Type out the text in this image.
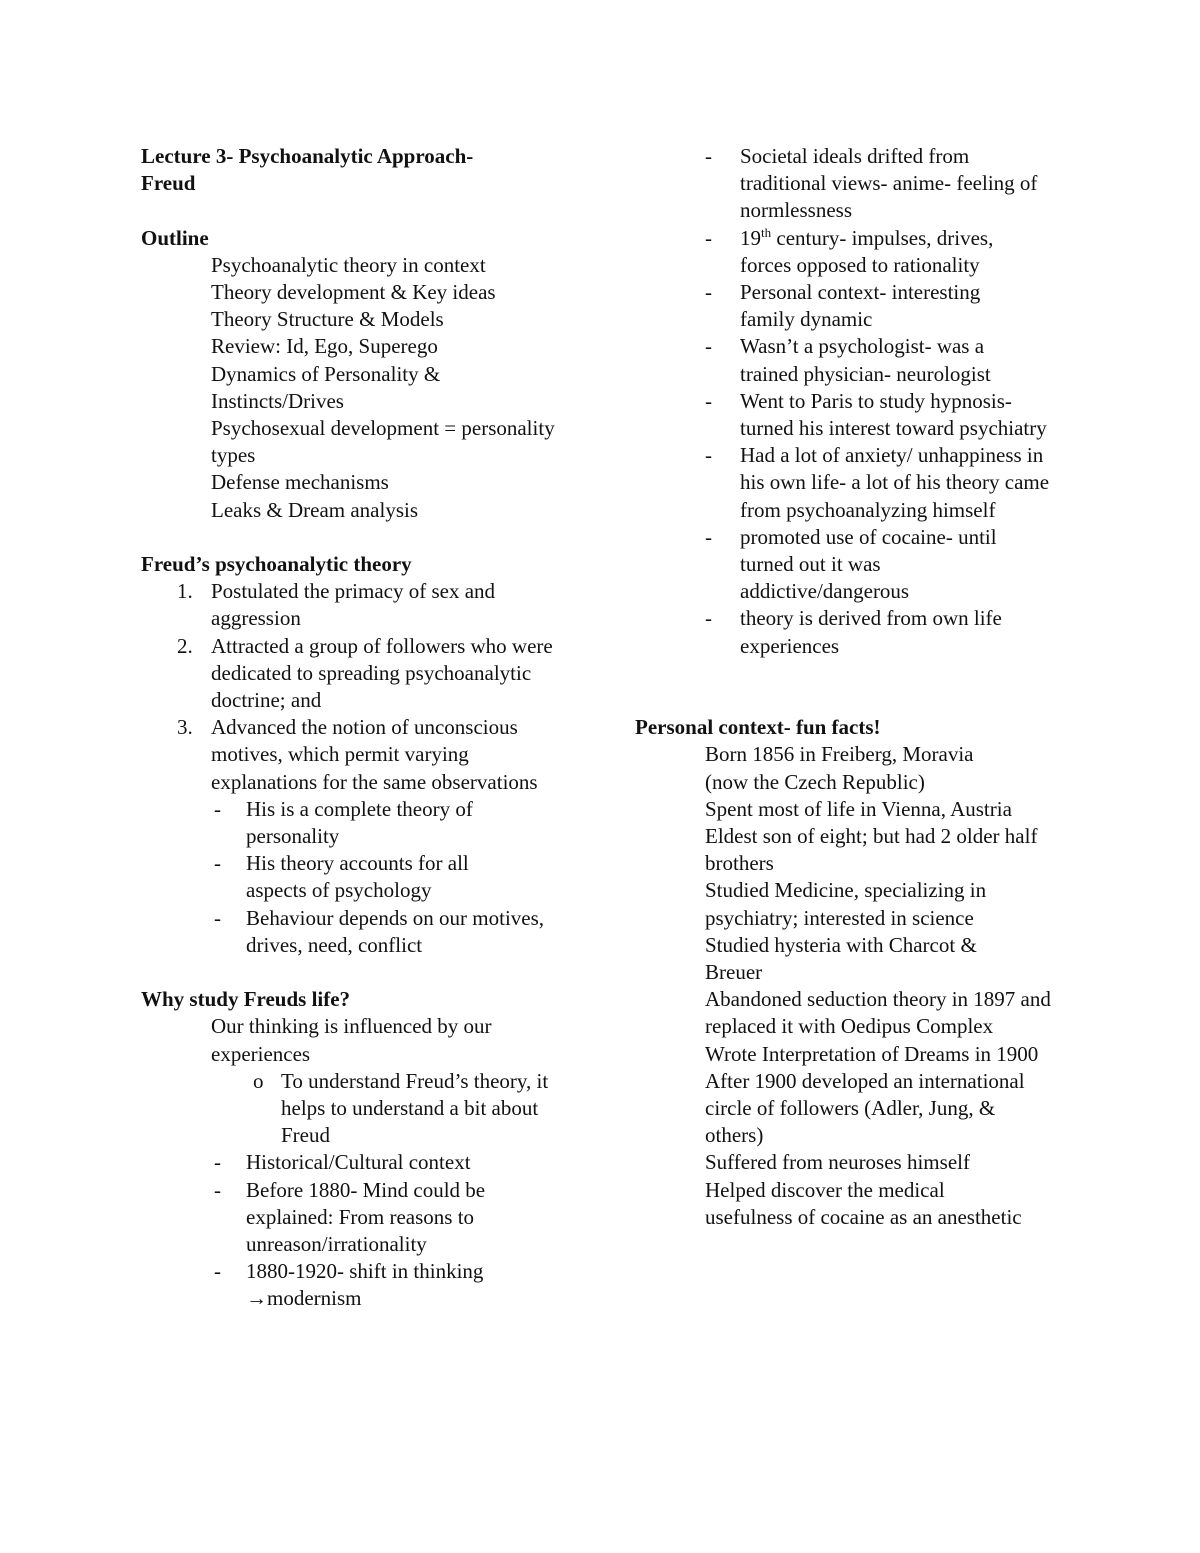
Lecture 3- Psychoanalytic Approach- Freud
Outline
Psychoanalytic theory in context
Theory development & Key ideas
Theory Structure & Models
Review: Id, Ego, Superego
Dynamics of Personality & Instincts/Drives
Psychosexual development = personality types
Defense mechanisms
Leaks & Dream analysis
Freud’s psychoanalytic theory
1. Postulated the primacy of sex and aggression
2. Attracted a group of followers who were dedicated to spreading psychoanalytic doctrine; and
3. Advanced the notion of unconscious motives, which permit varying explanations for the same observations
- His is a complete theory of personality
- His theory accounts for all aspects of psychology
- Behaviour depends on our motives, drives, need, conflict
Why study Freuds life?
Our thinking is influenced by our experiences
o To understand Freud’s theory, it helps to understand a bit about Freud
- Historical/Cultural context
- Before 1880- Mind could be explained: From reasons to unreason/irrationality
- 1880-1920- shift in thinking
→modernism
- Societal ideals drifted from traditional views- anime- feeling of normlessness
- 19th century- impulses, drives, forces opposed to rationality
- Personal context- interesting family dynamic
- Wasn’t a psychologist- was a trained physician- neurologist
- Went to Paris to study hypnosis- turned his interest toward psychiatry
- Had a lot of anxiety/ unhappiness in his own life- a lot of his theory came from psychoanalyzing himself
- promoted use of cocaine- until turned out it was addictive/dangerous
- theory is derived from own life experiences
Personal context- fun facts!
Born 1856 in Freiberg, Moravia (now the Czech Republic)
Spent most of life in Vienna, Austria
Eldest son of eight; but had 2 older half brothers
Studied Medicine, specializing in psychiatry; interested in science
Studied hysteria with Charcot & Breuer
Abandoned seduction theory in 1897 and replaced it with Oedipus Complex
Wrote Interpretation of Dreams in 1900
After 1900 developed an international circle of followers (Adler, Jung, & others)
Suffered from neuroses himself
Helped discover the medical usefulness of cocaine as an anesthetic
